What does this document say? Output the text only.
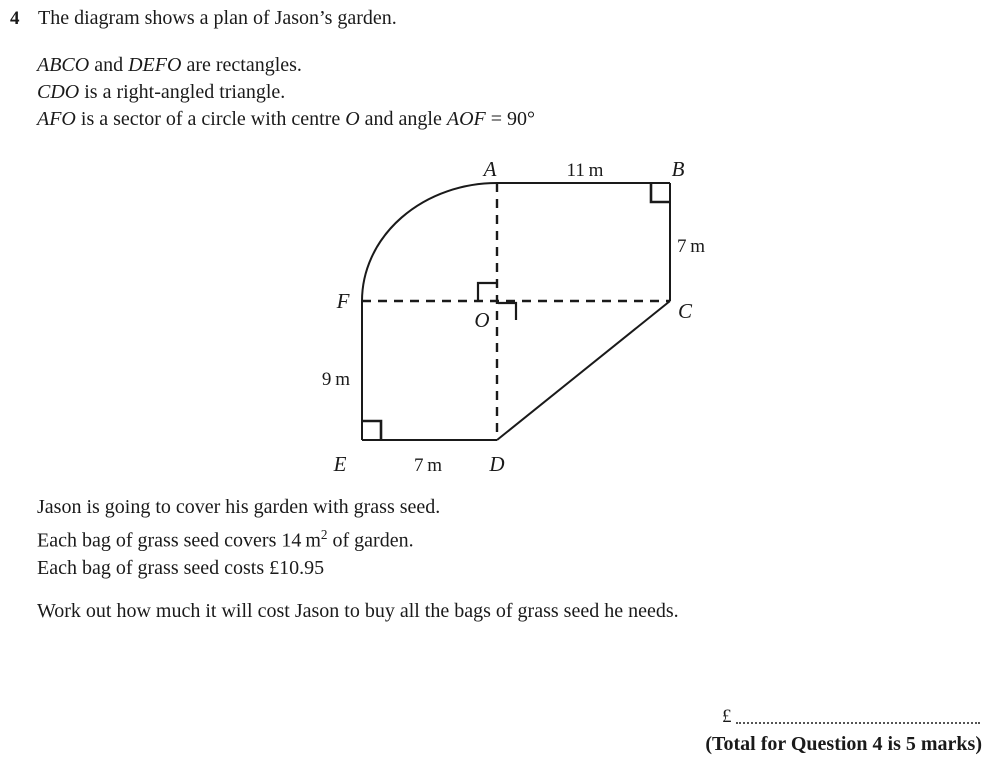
4 The diagram shows a plan of Jason’s garden.
ABCO and DEFO are rectangles.
CDO is a right-angled triangle.
AFO is a sector of a circle with centre O and angle AOF = 90°
A	B
C
D
E
F
O
11 m
7 m
9 m
7 m
Jason is going to cover his garden with grass seed.
Each bag of grass seed covers 14 $m^2$ of garden.
Each bag of grass seed costs £10.95
Work out how much it will cost Jason to buy all the bags of grass seed he needs.
£
(Total for Question 4 is 5 marks)
